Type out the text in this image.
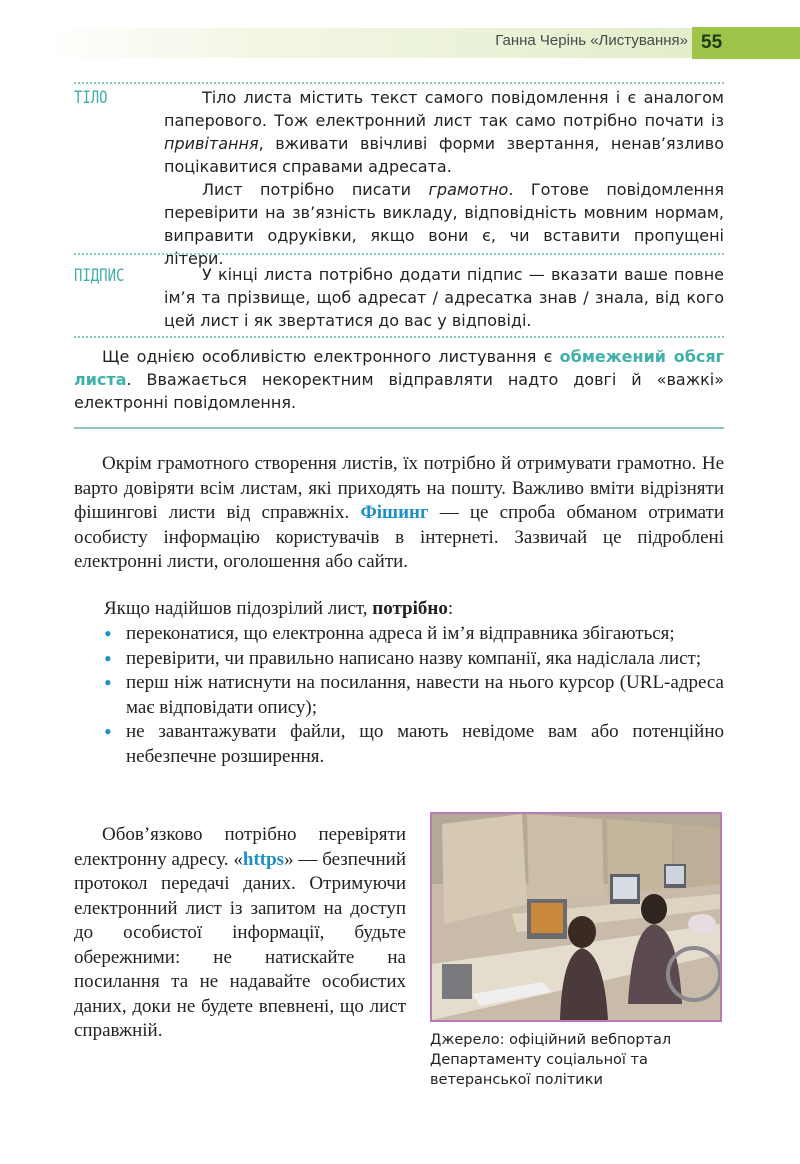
Ганна Черінь «Листування» 55
ТІЛО	Тіло листа містить текст самого повідомлення і є аналогом паперового. Тож електронний лист так само потрібно почати із привітання, вживати ввічливі форми звертання, ненав’язливо поцікавитися справами адресата.

Лист потрібно писати грамотно. Готове повідомлення перевірити на зв’язність викладу, відповідність мовним нормам, виправити одруківки, якщо вони є, чи вставити пропущені літери.

ПІДПИС	У кінці листа потрібно додати підпис — вказати ваше повне ім’я та прізвище, щоб адресат / адресатка знав / знала, від кого цей лист і як звертатися до вас у відповіді.

Ще однією особливістю електронного листування є обмежений обсяг листа. Вважається некоректним відправляти надто довгі й «важкі» електронні повідомлення.

Окрім грамотного створення листів, їх потрібно й отримувати грамотно. Не варто довіряти всім листам, які приходять на пошту. Важливо вміти відрізняти фішингові листи від справжніх. Фішинг — це спроба обманом отримати особисту інформацію користувачів в інтернеті. Зазвичай це підроблені електронні листи, оголошення або сайти.

Якщо надійшов підозрілий лист, потрібно:
• переконатися, що електронна адреса й ім’я відправника збігаються;
• перевірити, чи правильно написано назву компанії, яка надіслала лист;
• перш ніж натиснути на посилання, навести на нього курсор (URL-адреса має відповідати опису);
• не завантажувати файли, що мають невідоме вам або потенційно небезпечне розширення.

Обов’язково потрібно перевіряти електронну адресу. «https» — безпечний протокол передачі даних. Отримуючи електронний лист із запитом на доступ до особистої інформації, будьте обережними: не натискайте на посилання та не надавайте особистих даних, доки не будете впевнені, що лист справжній.	Джерело: офіційний вебпортал Департаменту соціальної та ветеранської політики
